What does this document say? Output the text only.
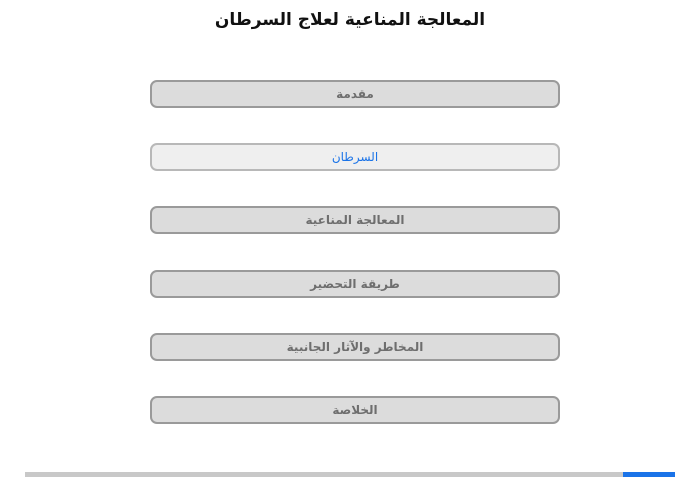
المعالجة المناعية لعلاج السرطان
مقدمة
السرطان
المعالجة المناعية
طريقة التحضير
المخاطر والآثار الجانبية
الخلاصة
